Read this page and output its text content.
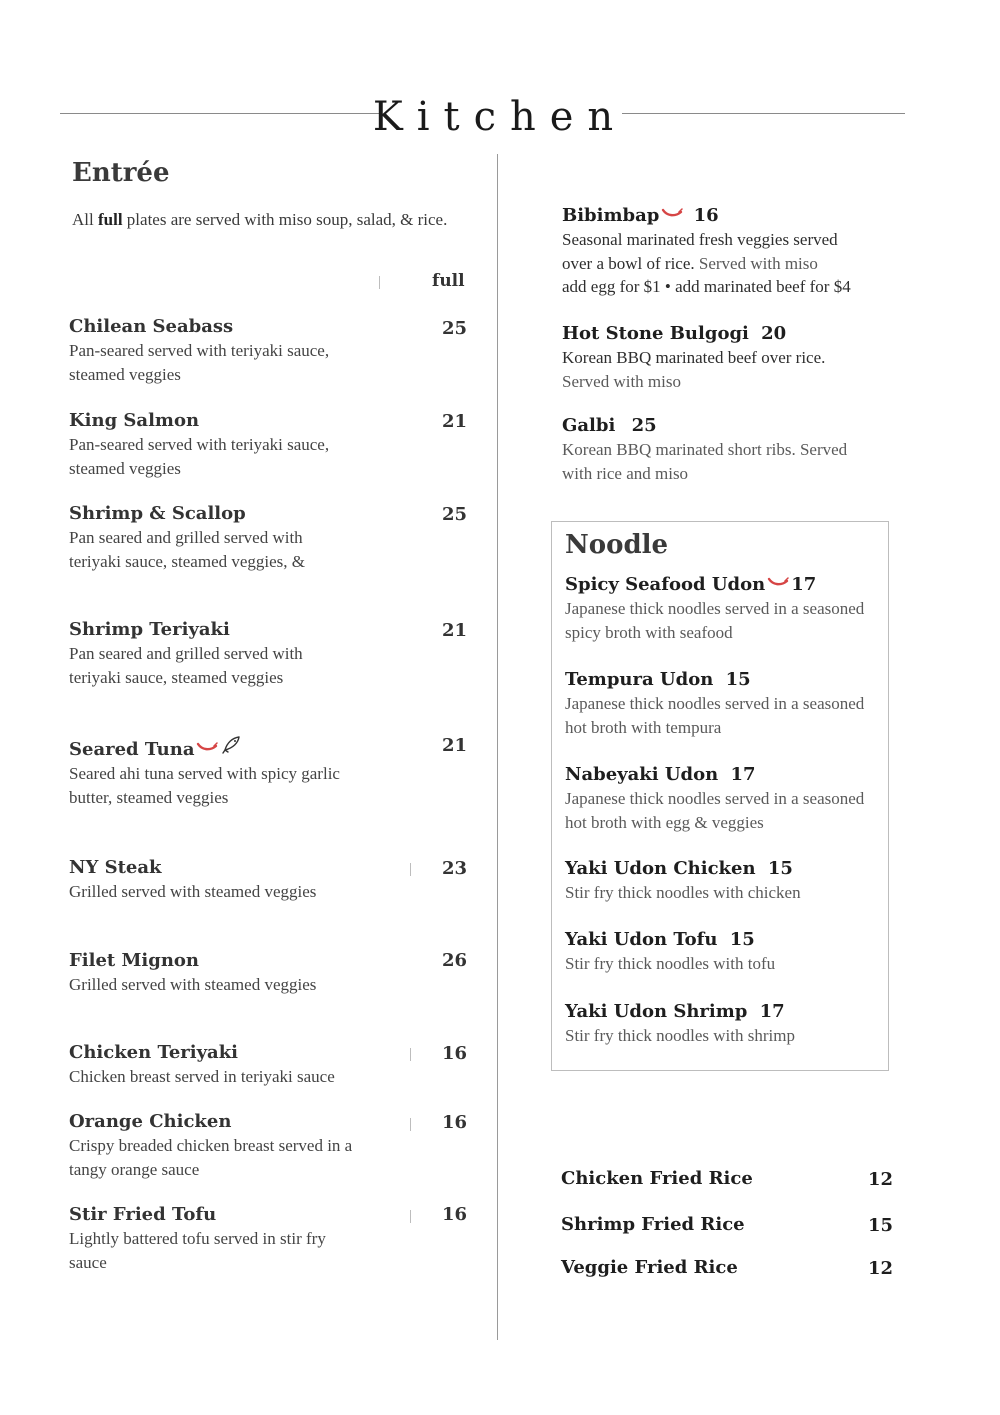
Kitchen
Entrée
All full plates are served with miso soup, salad, & rice.
full
Chilean Seabass
Pan-seared served with teriyaki sauce, steamed veggies
25
King Salmon
Pan-seared served with teriyaki sauce, steamed veggies
21
Shrimp & Scallop
Pan seared and grilled served with teriyaki sauce, steamed veggies, &
25
Shrimp Teriyaki
Pan seared and grilled served with teriyaki sauce, steamed veggies
21
Seared Tuna
Seared ahi tuna served with spicy garlic butter, steamed veggies
21
NY Steak
Grilled served with steamed veggies
23
Filet Mignon
Grilled served with steamed veggies
26
Chicken Teriyaki
Chicken breast served in teriyaki sauce
16
Orange Chicken
Crispy breaded chicken breast served in a tangy orange sauce
16
Stir Fried Tofu
Lightly battered tofu served in stir fry sauce
16
Bibimbap 16
Seasonal marinated fresh veggies served over a bowl of rice. Served with miso
add egg for $1 • add marinated beef for $4
Hot Stone Bulgogi 20
Korean BBQ marinated beef over rice.
Served with miso
Galbi 25
Korean BBQ marinated short ribs. Served with rice and miso
Noodle
Spicy Seafood Udon 17
Japanese thick noodles served in a seasoned spicy broth with seafood
Tempura Udon 15
Japanese thick noodles served in a seasoned hot broth with tempura
Nabeyaki Udon 17
Japanese thick noodles served in a seasoned hot broth with egg & veggies
Yaki Udon Chicken 15
Stir fry thick noodles with chicken
Yaki Udon Tofu 15
Stir fry thick noodles with tofu
Yaki Udon Shrimp 17
Stir fry thick noodles with shrimp
Chicken Fried Rice	12
Shrimp Fried Rice	15
Veggie Fried Rice	12
